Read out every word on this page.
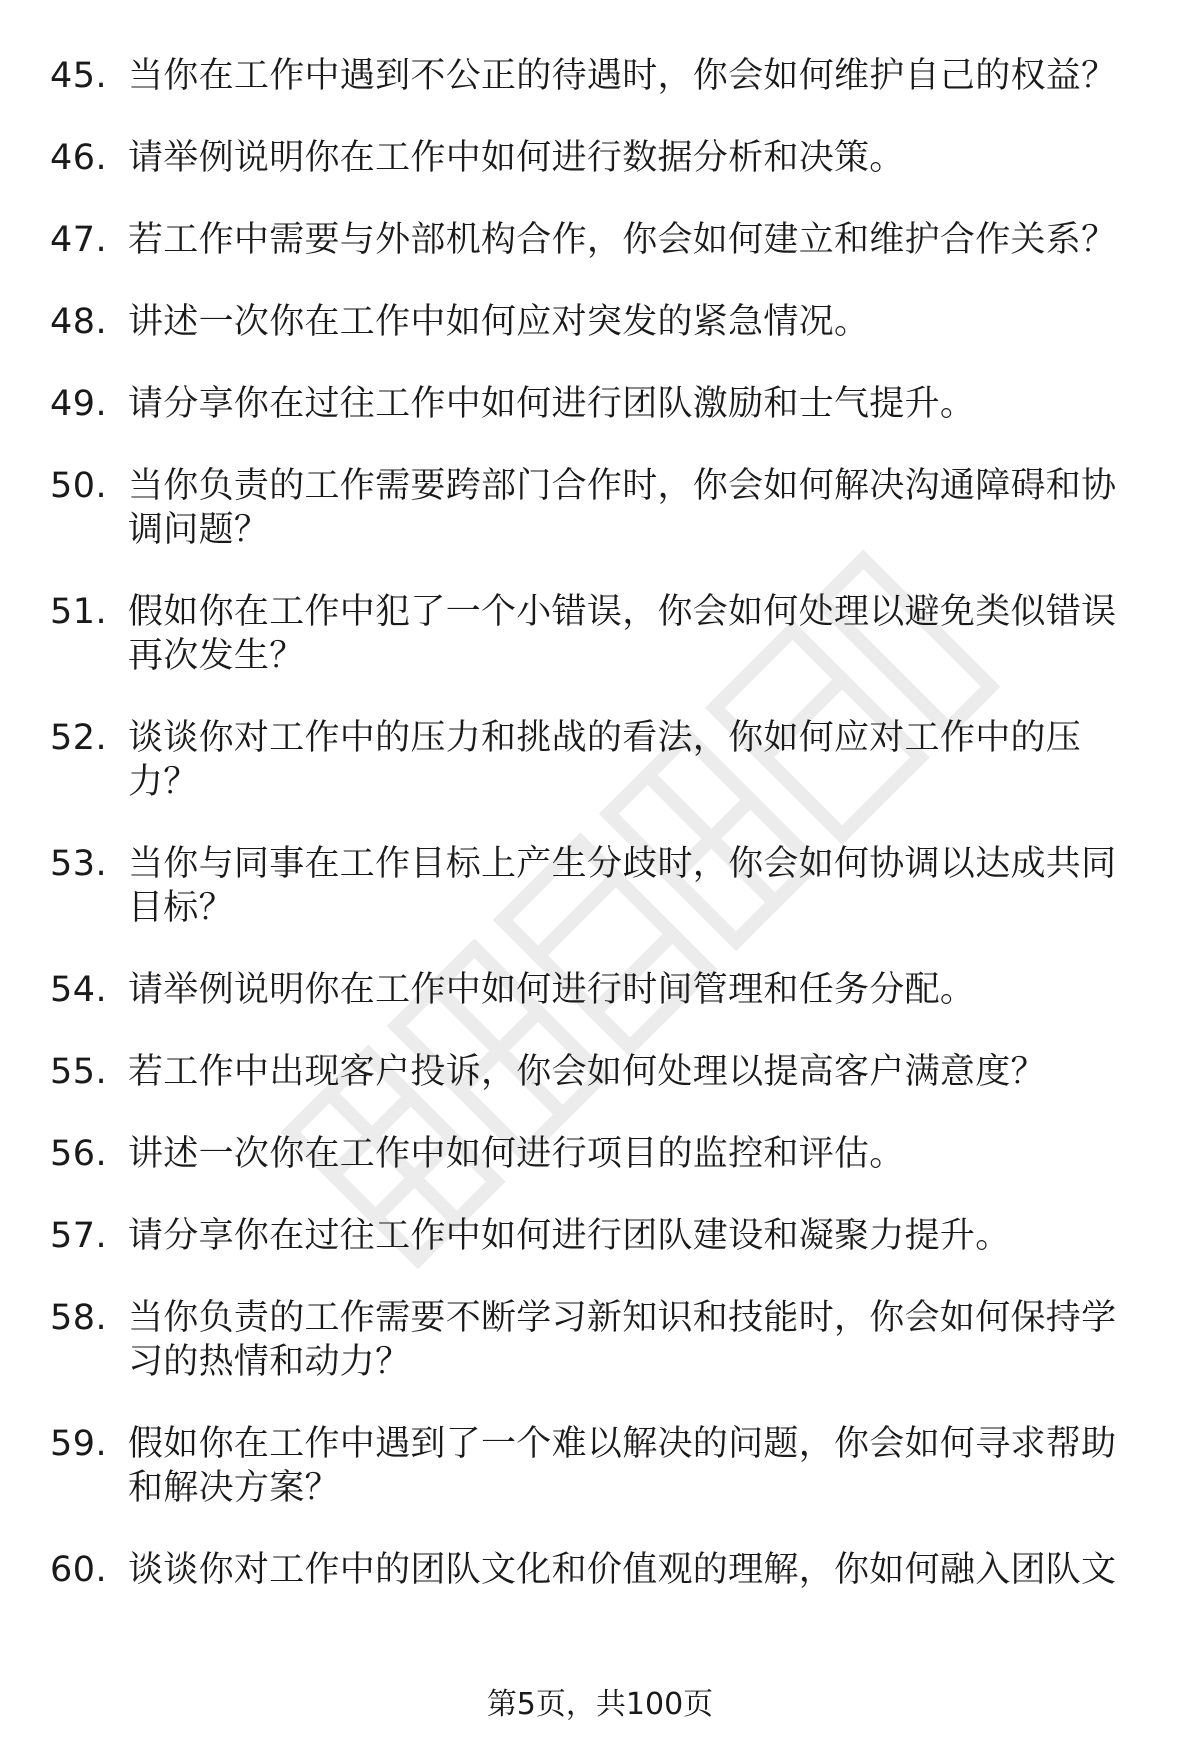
45. 当你在工作中遇到不公正的待遇时，你会如何维护自己的权益？
46. 请举例说明你在工作中如何进行数据分析和决策。
47. 若工作中需要与外部机构合作，你会如何建立和维护合作关系？
48. 讲述一次你在工作中如何应对突发的紧急情况。
49. 请分享你在过往工作中如何进行团队激励和士气提升。
50. 当你负责的工作需要跨部门合作时，你会如何解决沟通障碍和协调问题？
51. 假如你在工作中犯了一个小错误，你会如何处理以避免类似错误再次发生？
52. 谈谈你对工作中的压力和挑战的看法，你如何应对工作中的压力？
53. 当你与同事在工作目标上产生分歧时，你会如何协调以达成共同目标？
54. 请举例说明你在工作中如何进行时间管理和任务分配。
55. 若工作中出现客户投诉，你会如何处理以提高客户满意度？
56. 讲述一次你在工作中如何进行项目的监控和评估。
57. 请分享你在过往工作中如何进行团队建设和凝聚力提升。
58. 当你负责的工作需要不断学习新知识和技能时，你会如何保持学习的热情和动力？
59. 假如你在工作中遇到了一个难以解决的问题，你会如何寻求帮助和解决方案？
60. 谈谈你对工作中的团队文化和价值观的理解，你如何融入团队文
第5页，共100页
